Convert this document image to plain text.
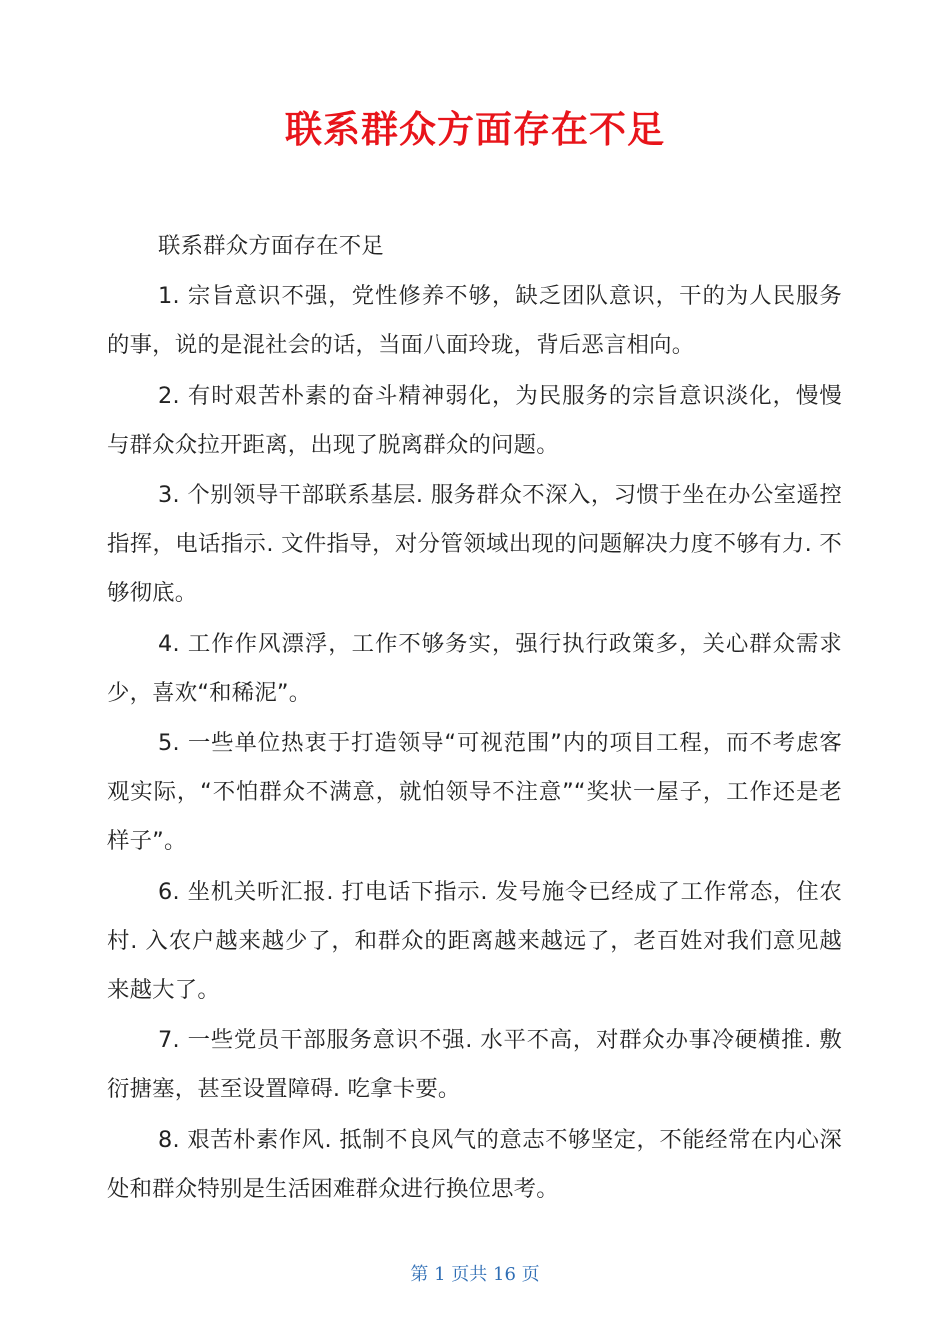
联系群众方面存在不足

联系群众方面存在不足

1. 宗旨意识不强，党性修养不够，缺乏团队意识，干的为人民服务的事，说的是混社会的话，当面八面玲珑，背后恶言相向。

2. 有时艰苦朴素的奋斗精神弱化，为民服务的宗旨意识淡化，慢慢与群众众拉开距离，出现了脱离群众的问题。

3. 个别领导干部联系基层. 服务群众不深入，习惯于坐在办公室遥控指挥，电话指示. 文件指导，对分管领域出现的问题解决力度不够有力. 不够彻底。

4. 工作作风漂浮，工作不够务实，强行执行政策多，关心群众需求少，喜欢“和稀泥”。

5. 一些单位热衷于打造领导“可视范围”内的项目工程，而不考虑客观实际，“不怕群众不满意，就怕领导不注意”“奖状一屋子，工作还是老样子”。

6. 坐机关听汇报. 打电话下指示. 发号施令已经成了工作常态，住农村. 入农户越来越少了，和群众的距离越来越远了，老百姓对我们意见越来越大了。

7. 一些党员干部服务意识不强. 水平不高，对群众办事冷硬横推. 敷衍搪塞，甚至设置障碍. 吃拿卡要。

8. 艰苦朴素作风. 抵制不良风气的意志不够坚定，不能经常在内心深处和群众特别是生活困难群众进行换位思考。

第 1 页共 16 页
